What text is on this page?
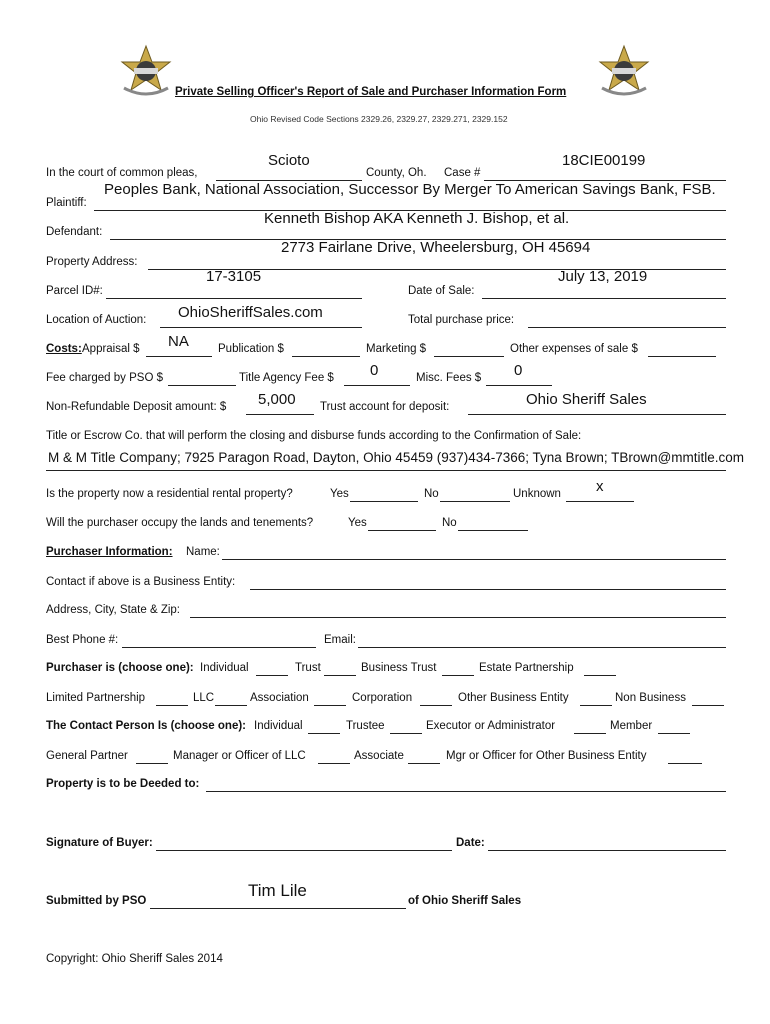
Private Selling Officer's Report of Sale and Purchaser Information Form
Ohio Revised Code Sections 2329.26, 2329.27, 2329.271, 2329.152
In the court of common pleas,
Scioto
County, Oh. Case #
18CIE00199
Plaintiff:
Peoples Bank, National Association, Successor By Merger To American Savings Bank, FSB.
Defendant:
Kenneth Bishop AKA Kenneth J. Bishop, et al.
Property Address:
2773 Fairlane Drive, Wheelersburg, OH 45694
Parcel ID#:
17-3105
Date of Sale:
July 13, 2019
Location of Auction: OhioSheriffSales.com	Total purchase price:
Costs: Appraisal $ NA	Publication $	Marketing $	Other expenses of sale $
Fee charged by PSO $	Title Agency Fee $ 0	Misc. Fees $ 0
Non-Refundable Deposit amount: $ 5,000 Trust account for deposit:	Ohio Sheriff Sales
Title or Escrow Co. that will perform the closing and disburse funds according to the Confirmation of Sale:
M & M Title Company; 7925 Paragon Road, Dayton, Ohio 45459 (937)434-7366; Tyna Brown; TBrown@mmtitle.com
Is the property now a residential rental property?	Yes	No	Unknown x
Will the purchaser occupy the lands and tenements?	Yes	No
Purchaser Information: Name:
Contact if above is a Business Entity:
Address, City, State & Zip:
Best Phone #:	Email:
Purchaser is (choose one): Individual	Trust	Business Trust	Estate Partnership
Limited Partnership	LLC	Association	Corporation	Other Business Entity	Non Business
The Contact Person Is (choose one): Individual	Trustee	Executor or Administrator	Member
General Partner	Manager or Officer of LLC	Associate	Mgr or Officer for Other Business Entity
Property is to be Deeded to:
Signature of Buyer:	Date:
Submitted by PSO
Tim Lile
of Ohio Sheriff Sales
Copyright: Ohio Sheriff Sales 2014
